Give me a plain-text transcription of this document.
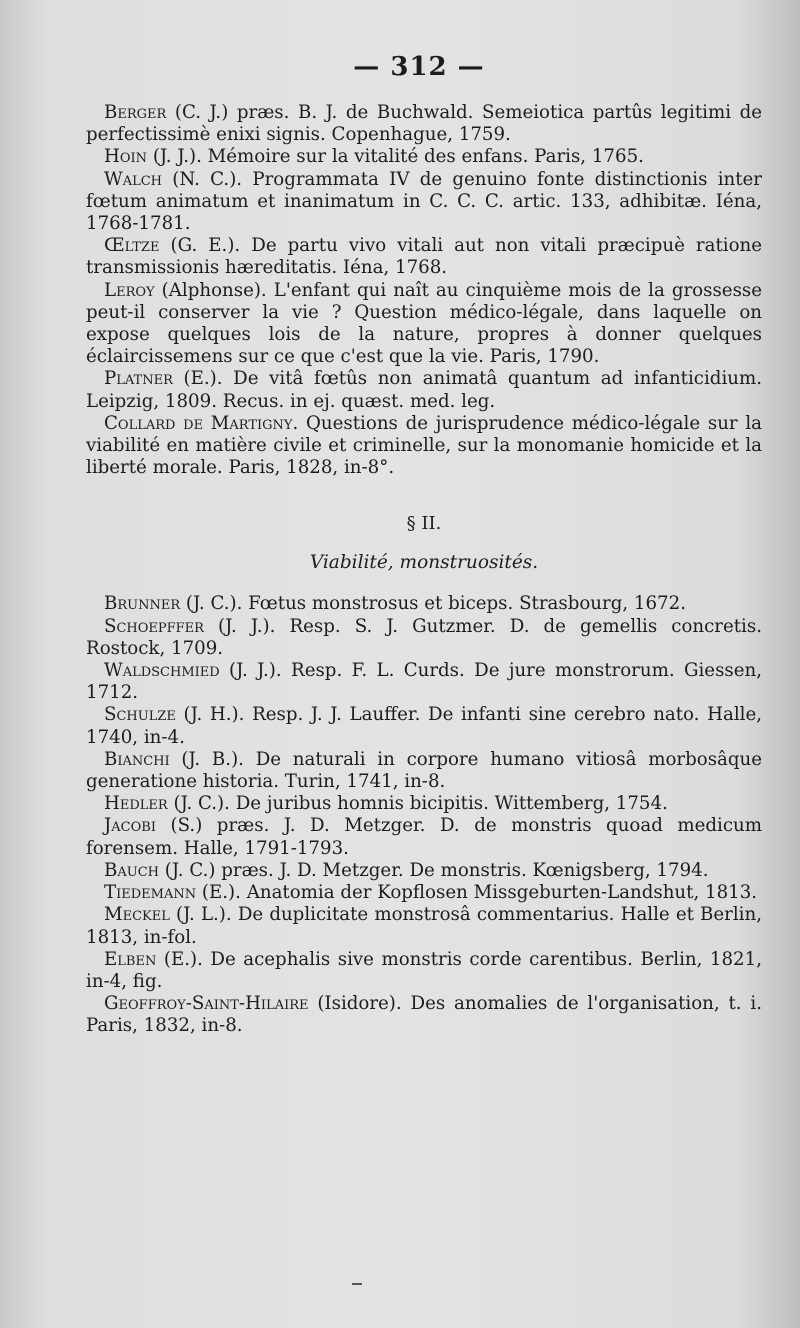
— 312 —

Berger (C. J.) præs. B. J. de Buchwald. Semeiotica partûs legitimi de perfectissimè enixi signis. Copenhague, 1759.

Hoin (J. J.). Mémoire sur la vitalité des enfans. Paris, 1765.

Walch (N. C.). Programmata IV de genuino fonte distinctionis inter fœtum animatum et inanimatum in C. C. C. artic. 133, adhibitæ. Iéna, 1768-1781.

Œltze (G. E.). De partu vivo vitali aut non vitali præcipuè ratione transmissionis hæreditatis. Iéna, 1768.

Leroy (Alphonse). L'enfant qui naît au cinquième mois de la grossesse peut-il conserver la vie ? Question médico-légale, dans laquelle on expose quelques lois de la nature, propres à donner quelques éclaircissemens sur ce que c'est que la vie. Paris, 1790.

Platner (E.). De vitâ fœtûs non animatâ quantum ad infanticidium. Leipzig, 1809. Recus. in ej. quæst. med. leg.

Collard de Martigny. Questions de jurisprudence médico-légale sur la viabilité en matière civile et criminelle, sur la monomanie homicide et la liberté morale. Paris, 1828, in-8°.

§ II.
Viabilité, monstruosités.

Brunner (J. C.). Fœtus monstrosus et biceps. Strasbourg, 1672.

Schoepffer (J. J.). Resp. S. J. Gutzmer. D. de gemellis concretis. Rostock, 1709.

Waldschmied (J. J.). Resp. F. L. Curds. De jure monstrorum. Giessen, 1712.

Schulze (J. H.). Resp. J. J. Lauffer. De infanti sine cerebro nato. Halle, 1740, in-4.

Bianchi (J. B.). De naturali in corpore humano vitiosâ morbosâque generatione historia. Turin, 1741, in-8.

Hedler (J. C.). De juribus homnis bicipitis. Wittemberg, 1754.

Jacobi (S.) præs. J. D. Metzger. D. de monstris quoad medicum forensem. Halle, 1791-1793.

Bauch (J. C.) præs. J. D. Metzger. De monstris. Kœnigsberg, 1794.

Tiedemann (E.). Anatomia der Kopflosen Missgeburten-Landshut, 1813.

Meckel (J. L.). De duplicitate monstrosâ commentarius. Halle et Berlin, 1813, in-fol.

Elben (E.). De acephalis sive monstris corde carentibus. Berlin, 1821, in-4, fig.

Geoffroy-Saint-Hilaire (Isidore). Des anomalies de l'organisation, t. i. Paris, 1832, in-8.
